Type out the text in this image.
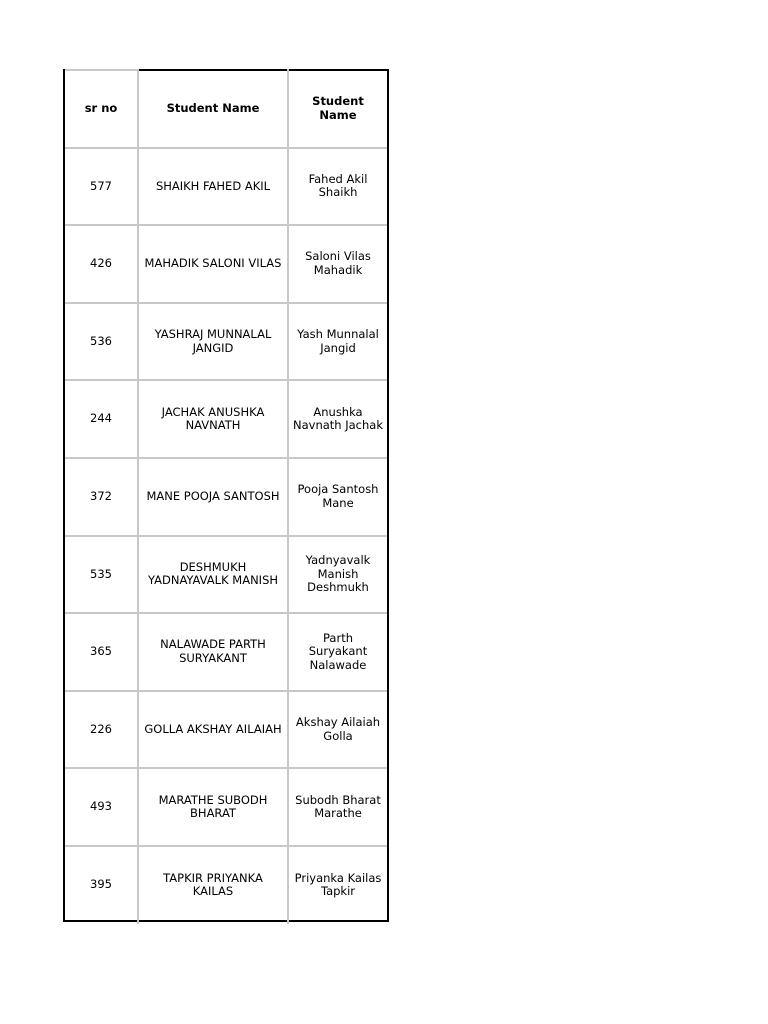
sr no	Student Name	Student Name
577	SHAIKH FAHED AKIL	Fahed Akil Shaikh
426	MAHADIK SALONI VILAS	Saloni Vilas Mahadik
536	YASHRAJ MUNNALAL JANGID	Yash Munnalal Jangid
244	JACHAK ANUSHKA NAVNATH	Anushka Navnath Jachak
372	MANE POOJA SANTOSH	Pooja Santosh Mane
535	DESHMUKH YADNAYAVALK MANISH	Yadnyavalk Manish Deshmukh
365	NALAWADE PARTH SURYAKANT	Parth Suryakant Nalawade
226	GOLLA AKSHAY AILAIAH	Akshay Ailaiah Golla
493	MARATHE SUBODH BHARAT	Subodh Bharat Marathe
395	TAPKIR PRIYANKA KAILAS	Priyanka Kailas Tapkir
